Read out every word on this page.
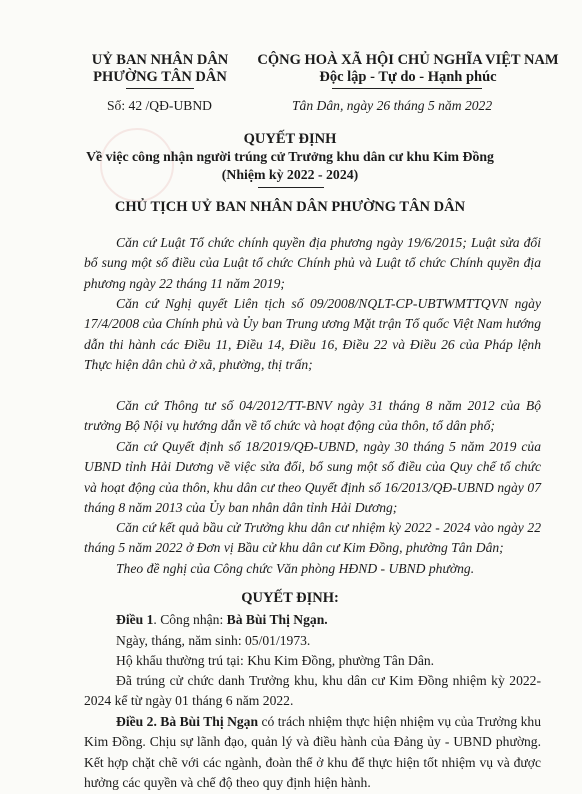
UỶ BAN NHÂN DÂN
PHƯỜNG TÂN DÂN
CỘNG HOÀ XÃ HỘI CHỦ NGHĨA VIỆT NAM
Độc lập - Tự do - Hạnh phúc
Số: 42 /QĐ-UBND	Tân Dân, ngày 26 tháng 5 năm 2022
QUYẾT ĐỊNH
Về việc công nhận người trúng cử Trưởng khu dân cư khu Kim Đồng
(Nhiệm kỳ 2022 - 2024)
CHỦ TỊCH UỶ BAN NHÂN DÂN PHƯỜNG TÂN DÂN

Căn cứ Luật Tổ chức chính quyền địa phương ngày 19/6/2015; Luật sửa đổi bổ sung một số điều của Luật tổ chức Chính phủ và Luật tổ chức Chính quyền địa phương ngày 22 tháng 11 năm 2019;

Căn cứ Nghị quyết Liên tịch số 09/2008/NQLT-CP-UBTWMTTQVN ngày 17/4/2008 của Chính phủ và Ủy ban Trung ương Mặt trận Tổ quốc Việt Nam hướng dẫn thi hành các Điều 11, Điều 14, Điều 16, Điều 22 và Điều 26 của Pháp lệnh Thực hiện dân chủ ở xã, phường, thị trấn;

Căn cứ Thông tư số 04/2012/TT-BNV ngày 31 tháng 8 năm 2012 của Bộ trưởng Bộ Nội vụ hướng dẫn về tổ chức và hoạt động của thôn, tổ dân phố;

Căn cứ Quyết định số 18/2019/QĐ-UBND, ngày 30 tháng 5 năm 2019 của UBND tỉnh Hải Dương về việc sửa đổi, bổ sung một số điều của Quy chế tổ chức và hoạt động của thôn, khu dân cư theo Quyết định số 16/2013/QĐ-UBND ngày 07 tháng 8 năm 2013 của Ủy ban nhân dân tỉnh Hải Dương;

Căn cứ kết quả bầu cử Trưởng khu dân cư nhiệm kỳ 2022 - 2024 vào ngày 22 tháng 5 năm 2022 ở Đơn vị Bầu cử khu dân cư Kim Đồng, phường Tân Dân;

Theo đề nghị của Công chức Văn phòng HĐND - UBND phường.

QUYẾT ĐỊNH:

Điều 1. Công nhận: Bà Bùi Thị Ngạn.

Ngày, tháng, năm sinh: 05/01/1973.

Hộ khẩu thường trú tại: Khu Kim Đồng, phường Tân Dân.

Đã trúng cử chức danh Trưởng khu, khu dân cư Kim Đồng nhiệm kỳ 2022-2024 kể từ ngày 01 tháng 6 năm 2022.

Điều 2. Bà Bùi Thị Ngạn có trách nhiệm thực hiện nhiệm vụ của Trưởng khu Kim Đồng. Chịu sự lãnh đạo, quản lý và điều hành của Đảng ủy - UBND phường. Kết hợp chặt chẽ với các ngành, đoàn thể ở khu để thực hiện tốt nhiệm vụ và được hưởng các quyền và chế độ theo quy định hiện hành.
